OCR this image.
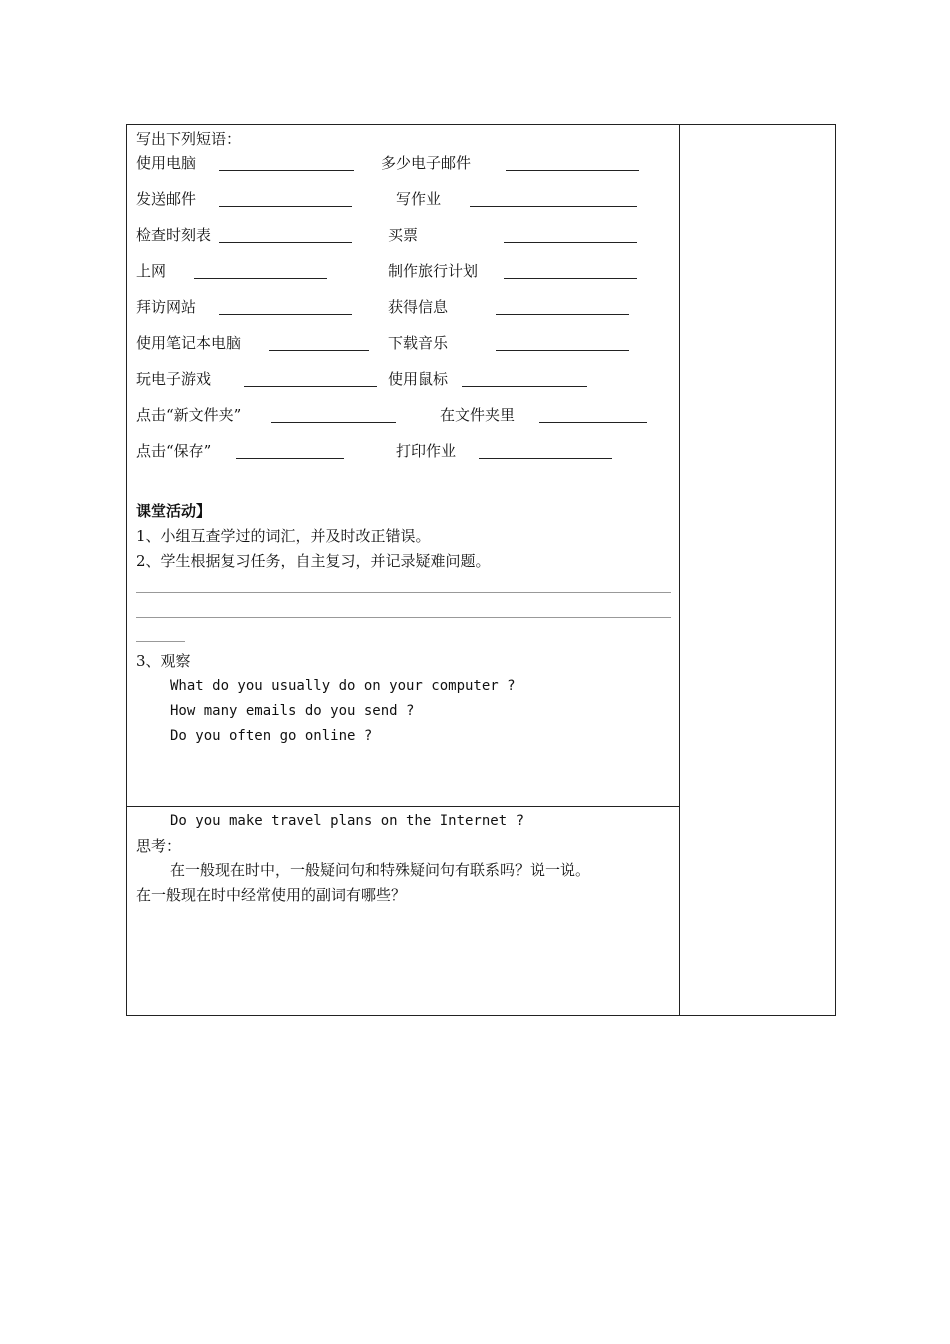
写出下列短语：
使用电脑	多少电子邮件
发送邮件	写作业
检查时刻表	买票
上网	制作旅行计划
拜访网站	获得信息
使用笔记本电脑	下载音乐
玩电子游戏	使用鼠标
点击“新文件夹”	在文件夹里
点击“保存”	打印作业
课堂活动】
1、小组互查学过的词汇，并及时改正错误。
2、学生根据复习任务，自主复习，并记录疑难问题。
3、观察
What do you usually do on your computer ?
How many emails do you send ?
Do you often go online ?
Do you make travel plans on the Internet ?
思考：
在一般现在时中，一般疑问句和特殊疑问句有联系吗？说一说。
在一般现在时中经常使用的副词有哪些？
